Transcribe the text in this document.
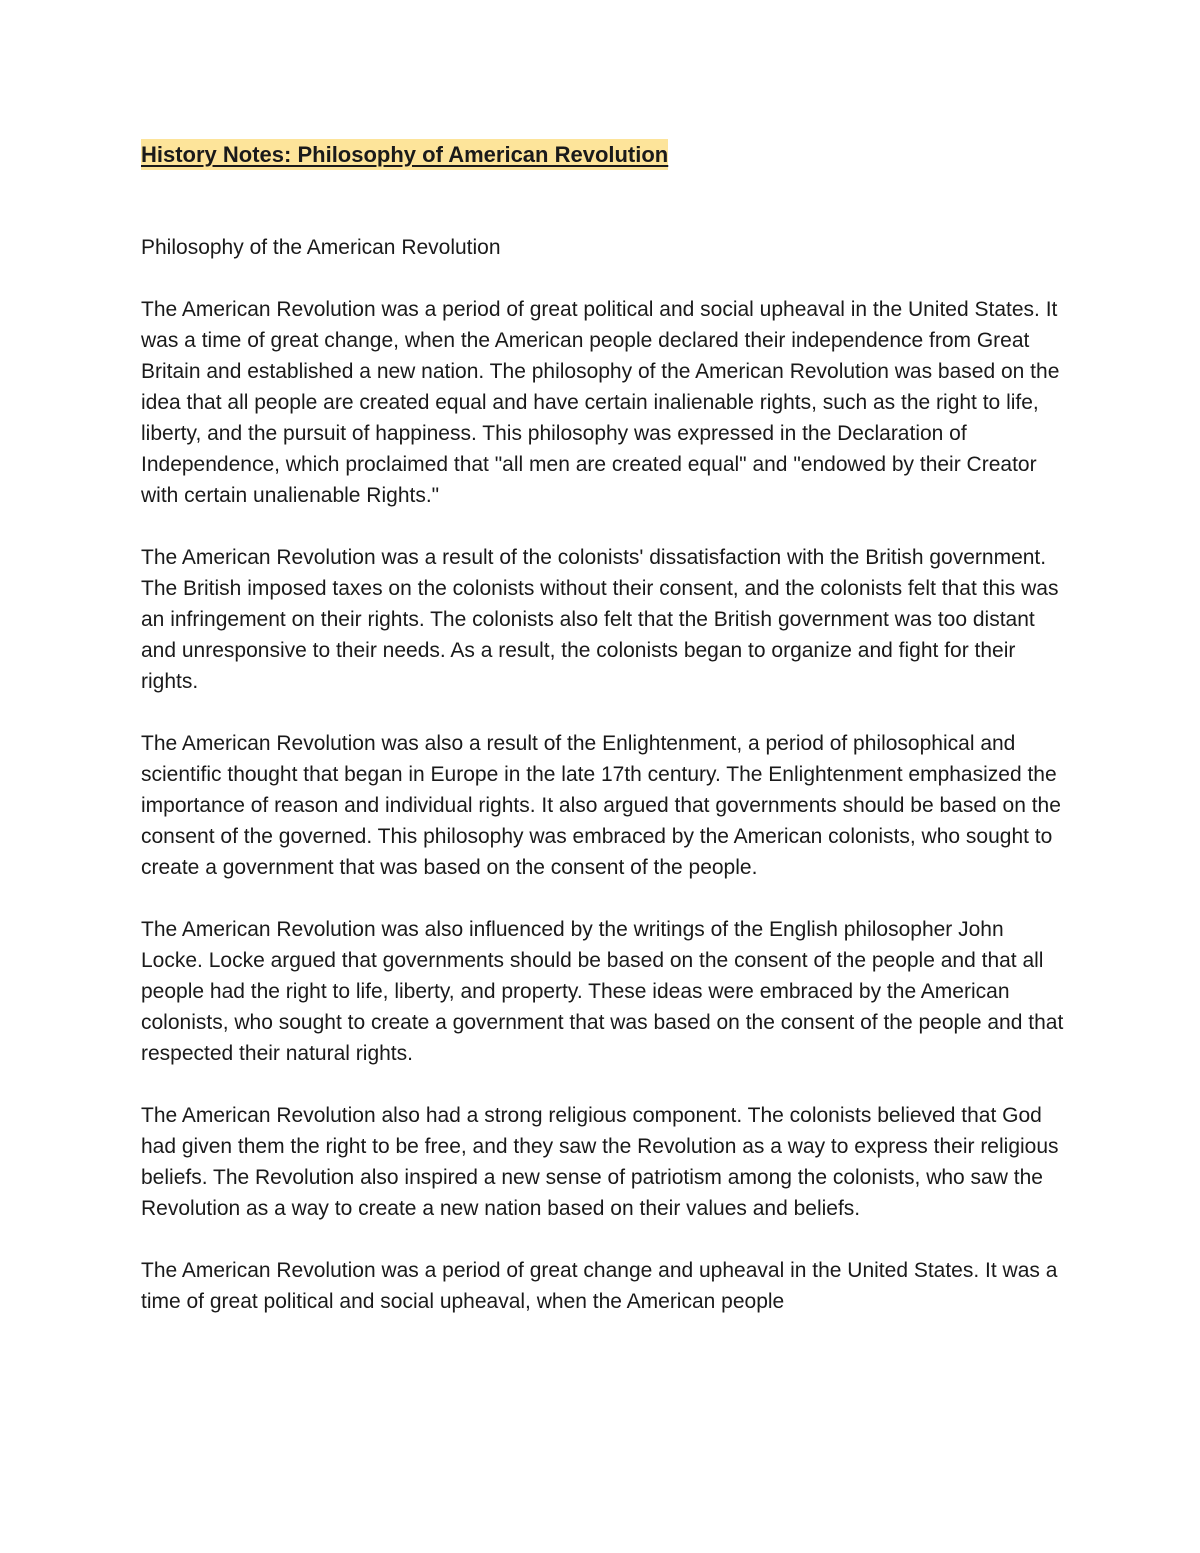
History Notes: Philosophy of American Revolution

Philosophy of the American Revolution

The American Revolution was a period of great political and social upheaval in the United States. It was a time of great change, when the American people declared their independence from Great Britain and established a new nation. The philosophy of the American Revolution was based on the idea that all people are created equal and have certain inalienable rights, such as the right to life, liberty, and the pursuit of happiness. This philosophy was expressed in the Declaration of Independence, which proclaimed that "all men are created equal" and "endowed by their Creator with certain unalienable Rights."

The American Revolution was a result of the colonists' dissatisfaction with the British government. The British imposed taxes on the colonists without their consent, and the colonists felt that this was an infringement on their rights. The colonists also felt that the British government was too distant and unresponsive to their needs. As a result, the colonists began to organize and fight for their rights.

The American Revolution was also a result of the Enlightenment, a period of philosophical and scientific thought that began in Europe in the late 17th century. The Enlightenment emphasized the importance of reason and individual rights. It also argued that governments should be based on the consent of the governed. This philosophy was embraced by the American colonists, who sought to create a government that was based on the consent of the people.

The American Revolution was also influenced by the writings of the English philosopher John Locke. Locke argued that governments should be based on the consent of the people and that all people had the right to life, liberty, and property. These ideas were embraced by the American colonists, who sought to create a government that was based on the consent of the people and that respected their natural rights.

The American Revolution also had a strong religious component. The colonists believed that God had given them the right to be free, and they saw the Revolution as a way to express their religious beliefs. The Revolution also inspired a new sense of patriotism among the colonists, who saw the Revolution as a way to create a new nation based on their values and beliefs.

The American Revolution was a period of great change and upheaval in the United States. It was a time of great political and social upheaval, when the American people
